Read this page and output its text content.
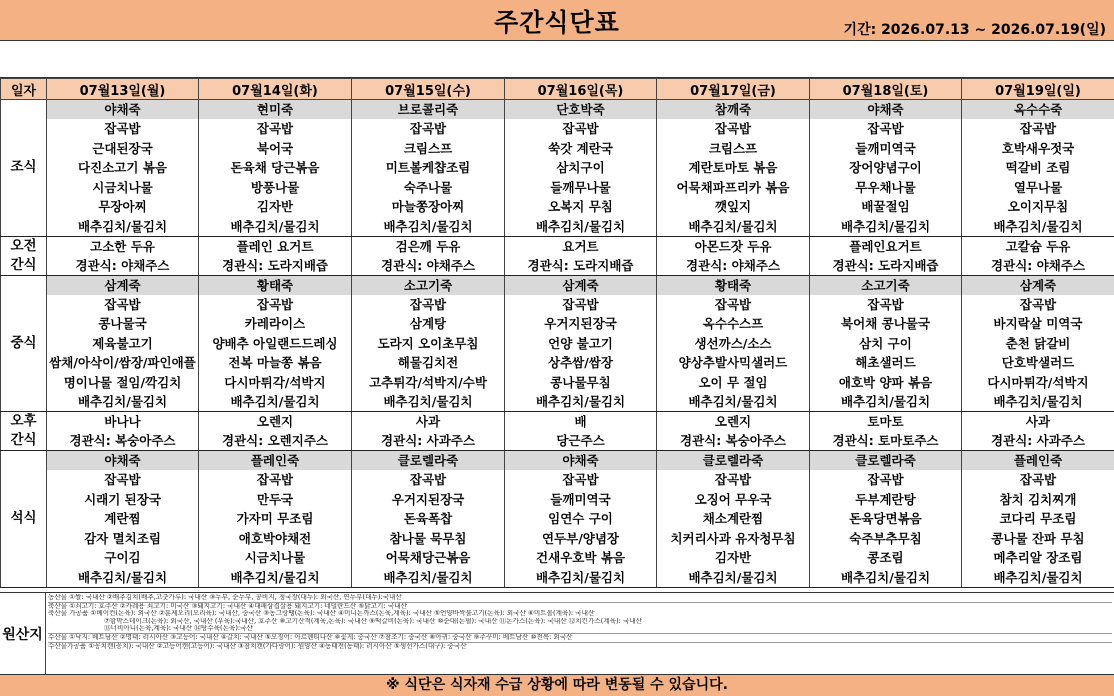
주간식단표	기간: 2026.07.13 ~ 2026.07.19(일)
일자	07월13일(월)	07월14일(화)	07월15일(수)	07월16일(목)	07월17일(금)	07월18일(토)	07월19일(일)
조식	야채죽	현미죽	브로콜리죽	단호박죽	참깨죽	야채죽	옥수수죽
	잡곡밥	잡곡밥	잡곡밥	잡곡밥	잡곡밥	잡곡밥	잡곡밥
	근대된장국	북어국	크림스프	쑥갓 계란국	크림스프	들깨미역국	호박새우젓국
	다진소고기 볶음	돈육채 당근볶음	미트볼케챱조림	삼치구이	계란토마토 볶음	장어양념구이	떡갈비 조림
	시금치나물	방풍나물	숙주나물	들깨무나물	어묵채파프리카 볶음	무우채나물	열무나물
	무장아찌	김자반	마늘쫑장아찌	오복지 무침	깻잎지	배꿀절임	오이지무침
	배추김치/물김치	배추김치/물김치	배추김치/물김치	배추김치/물김치	배추김치/물김치	배추김치/물김치	배추김치/물김치
오전
간식	고소한 두유	플레인 요거트	검은깨 두유	요거트	아몬드잣 두유	플레인요거트	고칼슘 두유
	경관식: 야채주스	경관식: 도라지배즙	경관식: 야채주스	경관식: 도라지배즙	경관식: 야채주스	경관식: 도라지배즙	경관식: 야채주스
중식	삼계죽	황태죽	소고기죽	삼계죽	황태죽	소고기죽	삼계죽
	잡곡밥	잡곡밥	잡곡밥	잡곡밥	잡곡밥	잡곡밥	잡곡밥
	콩나물국	카레라이스	삼계탕	우거지된장국	옥수수스프	북어채 콩나물국	바지락살 미역국
	제육불고기	양배추 아일랜드드레싱	도라지 오이초무침	언양 불고기	생선까스/소스	삼치 구이	춘천 닭갈비
	쌈채/아삭이/쌈장/파인애플	전복 마늘쫑 볶음	해물김치전	상추쌈/쌈장	양상추발사믹샐러드	해초샐러드	단호박샐러드
	명이나물 절임/깍김치	다시마튀각/석박지	고추튀각/석박지/수박	콩나물무침	오이 무 절임	애호박 양파 볶음	다시마튀각/석박지
	배추김치/물김치	배추김치/물김치	배추김치/물김치	배추김치/물김치	배추김치/물김치	배추김치/물김치	배추김치/물김치
오후
간식	바나나	오렌지	사과	배	오렌지	토마토	사과
	경관식: 복숭아주스	경관식: 오렌지주스	경관식: 사과주스	당근주스	경관식: 복숭아주스	경관식: 토마토주스	경관식: 사과주스
석식	야채죽	플레인죽	클로렐라죽	야채죽	클로렐라죽	클로렐라죽	플레인죽
	잡곡밥	잡곡밥	잡곡밥	잡곡밥	잡곡밥	잡곡밥	잡곡밥
	시래기 된장국	만두국	우거지된장국	들깨미역국	오징어 무우국	두부계란탕	참치 김치찌개
	계란찜	가자미 무조림	돈육폭찹	임연수 구이	채소계란찜	돈육당면볶음	코다리 무조림
	감자 멸치조림	애호박야채전	참나물 묵무침	연두부/양념장	치커리사과 유자청무침	숙주부추무침	콩나물 잔파 무침
	구이김	시금치나물	어묵채당근볶음	건새우호박 볶음	김자반	콩조림	메추리알 장조림
	배추김치/물김치	배추김치/물김치	배추김치/물김치	배추김치/물김치	배추김치/물김치	배추김치/물김치	배추김치/물김치
원산지
농산물 ①쌀: 국내산 ②배추김치(배추,고춧가루): 국내산 ③두부, 순두부, 콩비지, 청국장(대두): 외국산, 연두부(대두):국내산
축산물 ①쇠고기: 호주산 ②카레용 쇠고기: 미국산 ③돼지고기: 국내산 ④대패삼겹살용 돼지고기: 네덜란드산 ⑤닭고기: 국내산
축산물 가공품 ①베이컨(돈육): 외국산 ②훈제오리(오리육): 국내산, 중국산 ③동그랑땡(돈육): 국내산 ④미니돈까스(돈육,계육): 국내산 ⑤언양바싹불고기(돈육): 외국산 ⑥미트볼(계육): 국내산
⑦함박스테이크(돈육): 외국산, 국내산 (우육):국내산, 호주산 ⑧고기산적(계육,돈육): 국내산 ⑨떡갈비(돈육): 국내산 ⑩순대(돈혈): 국내산 ⑪돈가스(돈육): 국내산 ⑫치킨가스(계육): 국내산
⑬너비아니(돈육,계육): 국내산 ⑭탕수육(돈육):국산
수산물 ①낙지: 베트남산 ②명태: 러시아산 ③고등어: 국내산 ④갈치: 국내산 ⑤오징어: 아르헨티나산 ⑥꽃게: 중국산 ⑦참조기: 중국산 ⑧아귀: 중국산 ⑨주꾸미: 베트남산 ⑩전복: 외국산
수산물가공품 ①꽁치캔(꽁치): 국내산 ②고등어캔(고등어): 국내산 ③참치캔(가다랑어): 원양산 ④동태전(동태): 러시아산 ⑤생선가스(대구): 중국산
※ 식단은 식자재 수급 상황에 따라 변동될 수 있습니다.
